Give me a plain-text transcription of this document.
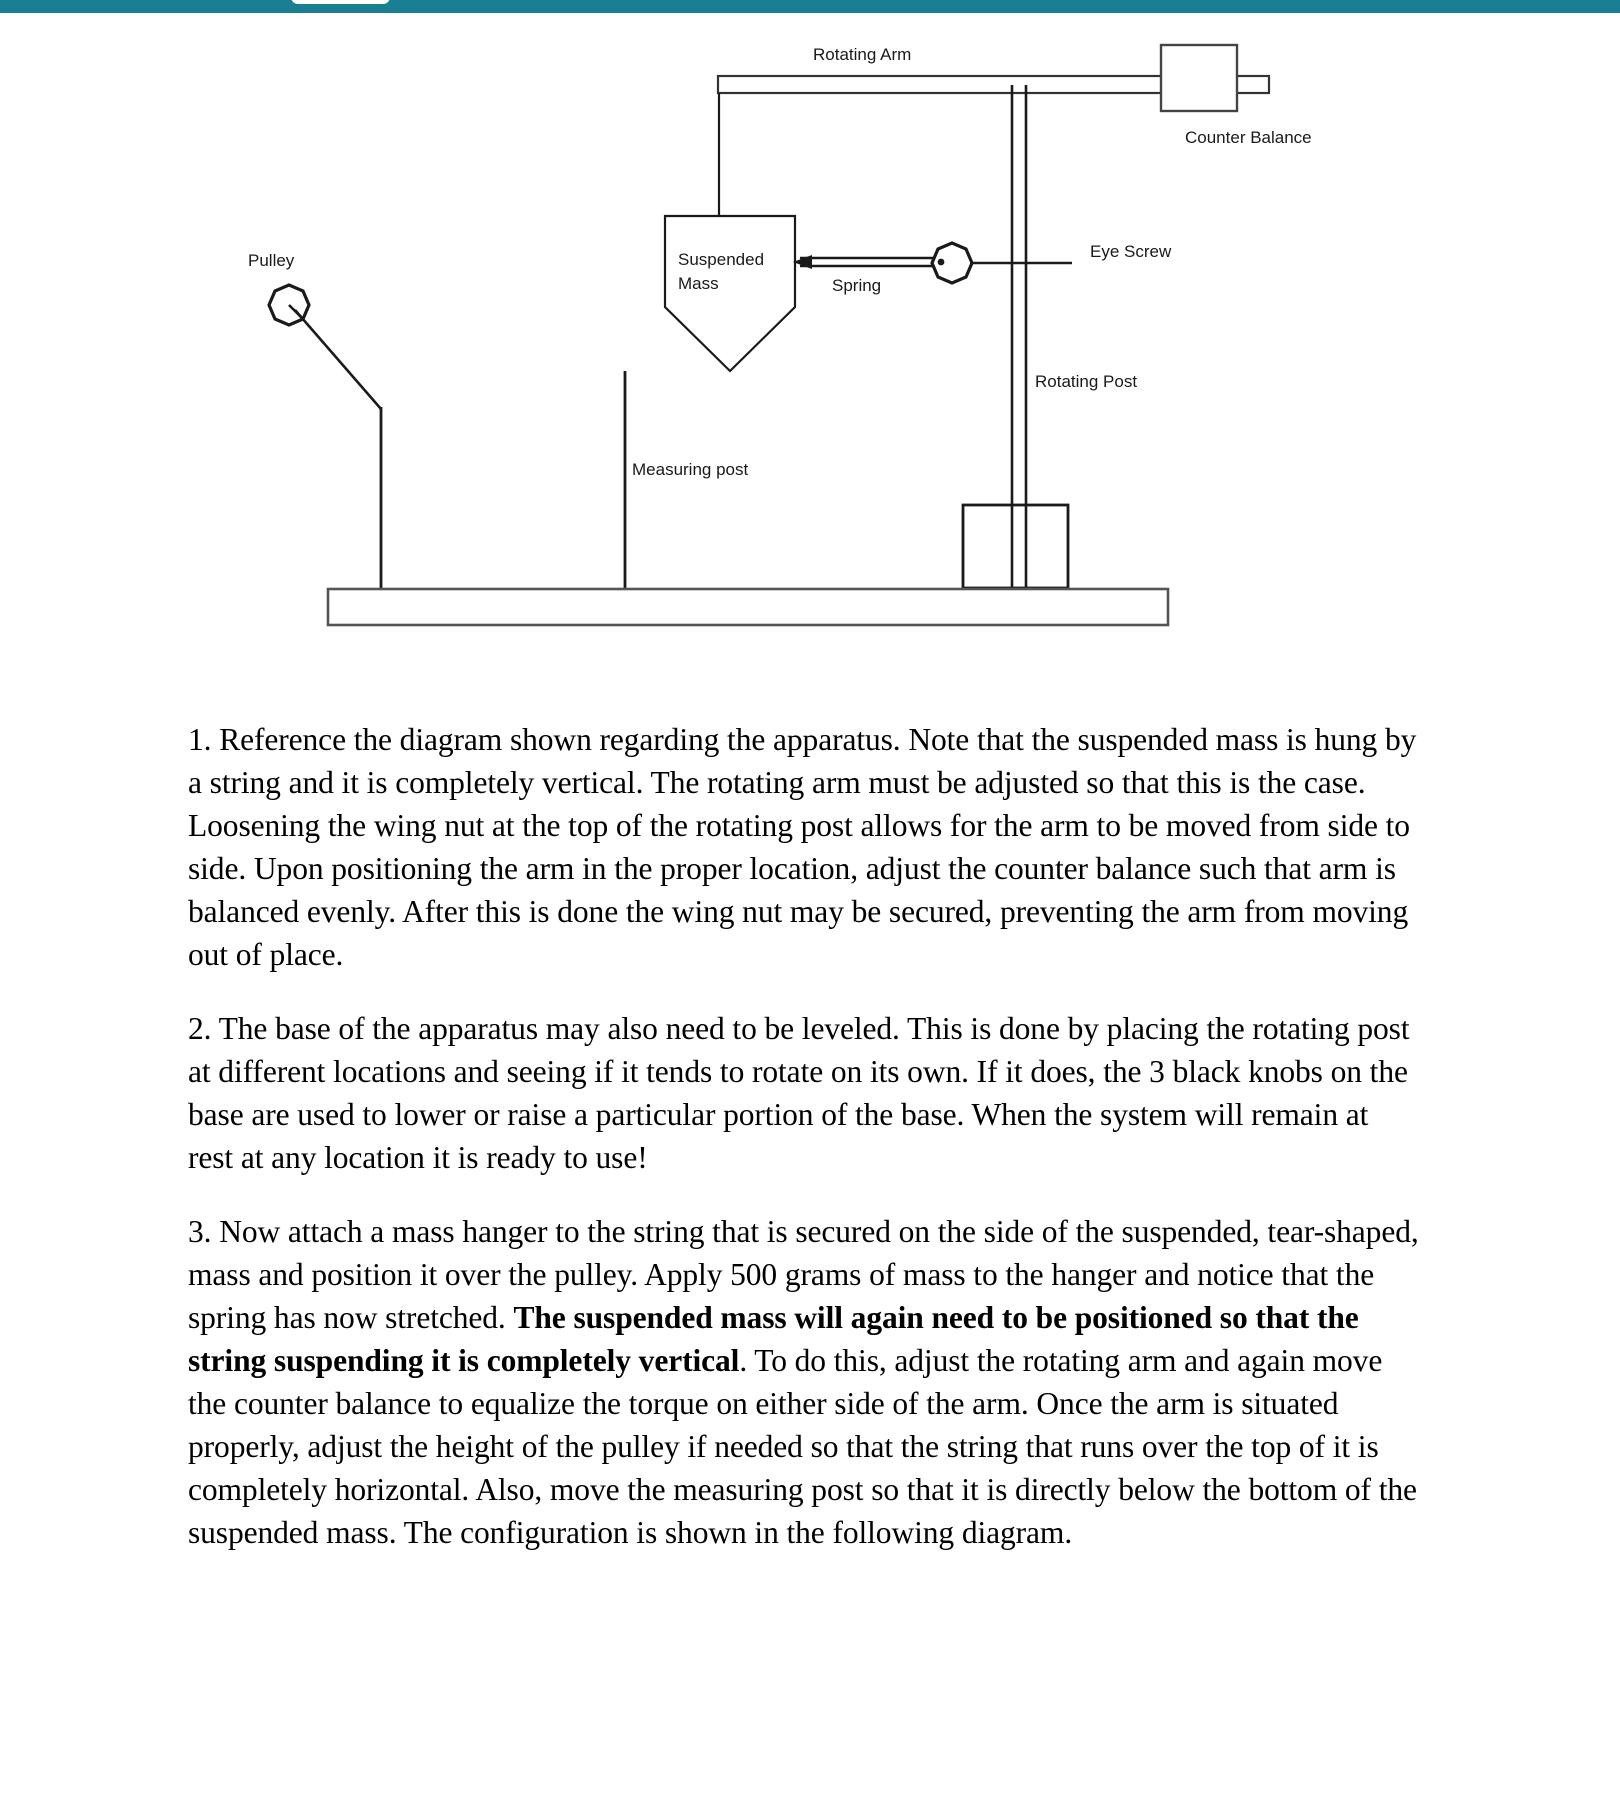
Rotating Arm
Counter Balance
Rotating Post
Suspended
Mass	Spring
Eye Screw
Pulley
Measuring post

1. Reference the diagram shown regarding the apparatus. Note that the suspended mass is hung by a string and it is completely vertical. The rotating arm must be adjusted so that this is the case. Loosening the wing nut at the top of the rotating post allows for the arm to be moved from side to side. Upon positioning the arm in the proper location, adjust the counter balance such that arm is balanced evenly. After this is done the wing nut may be secured, preventing the arm from moving out of place.

2. The base of the apparatus may also need to be leveled. This is done by placing the rotating post at different locations and seeing if it tends to rotate on its own. If it does, the 3 black knobs on the base are used to lower or raise a particular portion of the base. When the system will remain at rest at any location it is ready to use!

3. Now attach a mass hanger to the string that is secured on the side of the suspended, tear-shaped, mass and position it over the pulley. Apply 500 grams of mass to the hanger and notice that the spring has now stretched. The suspended mass will again need to be positioned so that the string suspending it is completely vertical. To do this, adjust the rotating arm and again move the counter balance to equalize the torque on either side of the arm. Once the arm is situated properly, adjust the height of the pulley if needed so that the string that runs over the top of it is completely horizontal. Also, move the measuring post so that it is directly below the bottom of the suspended mass. The configuration is shown in the following diagram.
